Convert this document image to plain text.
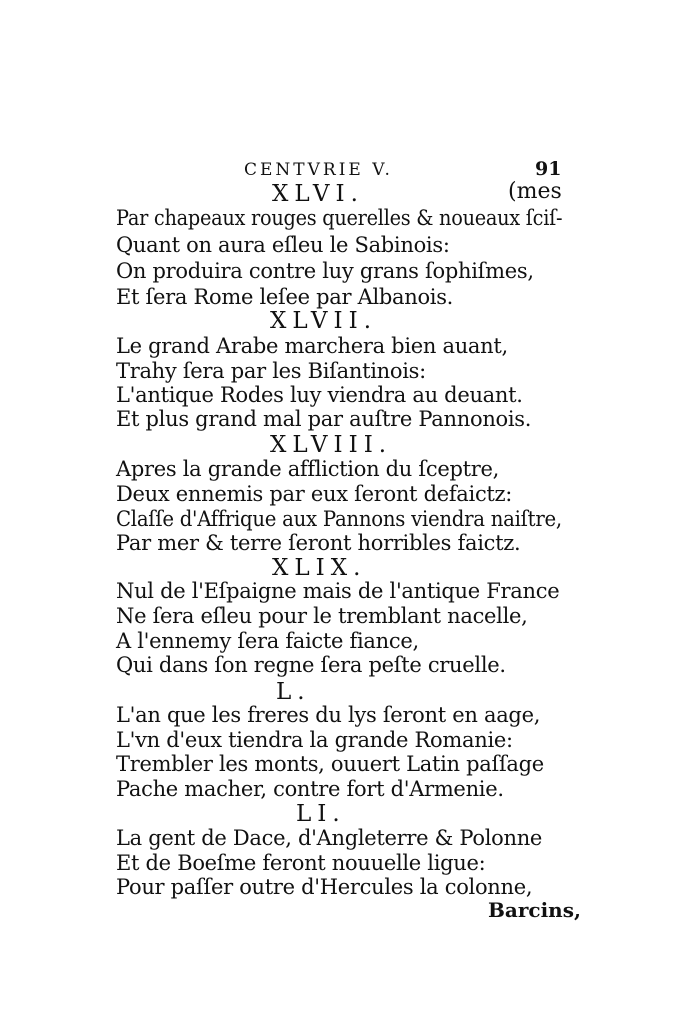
CENTVRIE V.	91
XLVI.	(mes
Par chapeaux rouges querelles & noueaux ſciſ-
Quant on aura eſleu le Sabinois:
On produira contre luy grans ſophiſmes,
Et ſera Rome leſee par Albanois.
XLVII.
Le grand Arabe marchera bien auant,
Trahy ſera par les Biſantinois:
L'antique Rodes luy viendra au deuant.
Et plus grand mal par auſtre Pannonois.
XLVIII.
Apres la grande affliction du ſceptre,
Deux ennemis par eux ſeront defaictz:
Claſſe d'Affrique aux Pannons viendra naiſtre,
Par mer & terre ſeront horribles faictz.
XLIX.
Nul de l'Eſpaigne mais de l'antique France
Ne ſera eſleu pour le tremblant nacelle,
A l'ennemy ſera faicte fiance,
Qui dans ſon regne ſera peſte cruelle.
L.
L'an que les freres du lys ſeront en aage,
L'vn d'eux tiendra la grande Romanie:
Trembler les monts, ouuert Latin paſſage
Pache macher, contre fort d'Armenie.
LI.
La gent de Dace, d'Angleterre & Polonne
Et de Boeſme feront nouuelle ligue:
Pour paſſer outre d'Hercules la colonne,
Barcins,
